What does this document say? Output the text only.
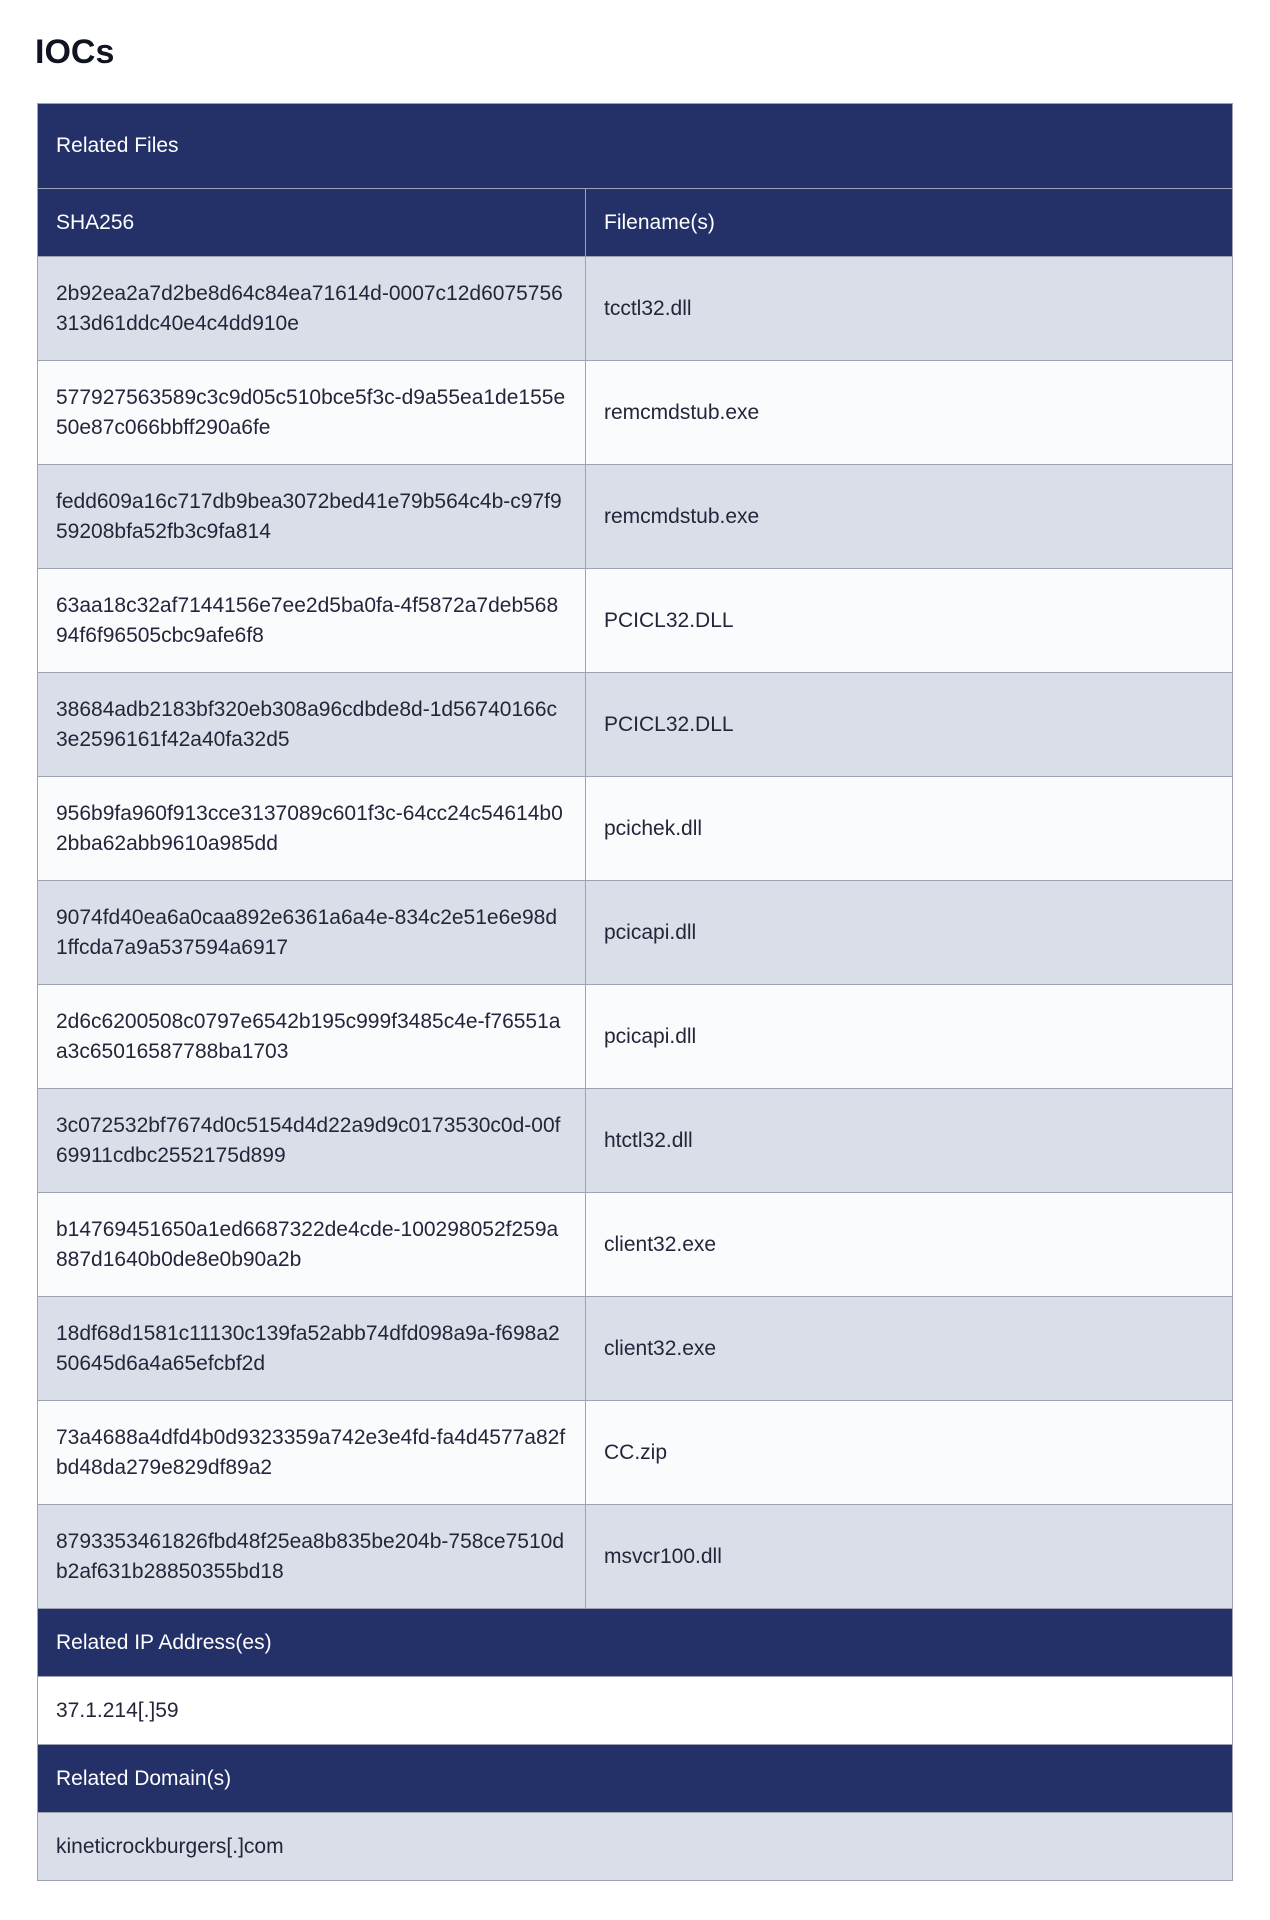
IOCs
Related Files	
SHA256	Filename(s)
2b92ea2a7d2be8d64c84ea71614d-0007c12d6075756313d61ddc40e4c4dd910e	tcctl32.dll
577927563589c3c9d05c510bce5f3c-d9a55ea1de155e50e87c066bbff290a6fe	remcmdstub.exe
fedd609a16c717db9bea3072bed41e79b564c4b-c97f959208bfa52fb3c9fa814	remcmdstub.exe
63aa18c32af7144156e7ee2d5ba0fa-4f5872a7deb56894f6f96505cbc9afe6f8	PCICL32.DLL
38684adb2183bf320eb308a96cdbde8d-1d56740166c3e2596161f42a40fa32d5	PCICL32.DLL
956b9fa960f913cce3137089c601f3c-64cc24c54614b02bba62abb9610a985dd	pcichek.dll
9074fd40ea6a0caa892e6361a6a4e-834c2e51e6e98d1ffcda7a9a537594a6917	pcicapi.dll
2d6c6200508c0797e6542b195c999f3485c4e-f76551aa3c65016587788ba1703	pcicapi.dll
3c072532bf7674d0c5154d4d22a9d9c0173530c0d-00f69911cdbc2552175d899	htctl32.dll
b14769451650a1ed6687322de4cde-100298052f259a887d1640b0de8e0b90a2b	client32.exe
18df68d1581c11130c139fa52abb74dfd098a9a-f698a250645d6a4a65efcbf2d	client32.exe
73a4688a4dfd4b0d9323359a742e3e4fd-fa4d4577a82fbd48da279e829df89a2	CC.zip
8793353461826fbd48f25ea8b835be204b-758ce7510db2af631b28850355bd18	msvcr100.dll
Related IP Address(es)	
37.1.214[.]59	
Related Domain(s)	
kineticrockburgers[.]com	
